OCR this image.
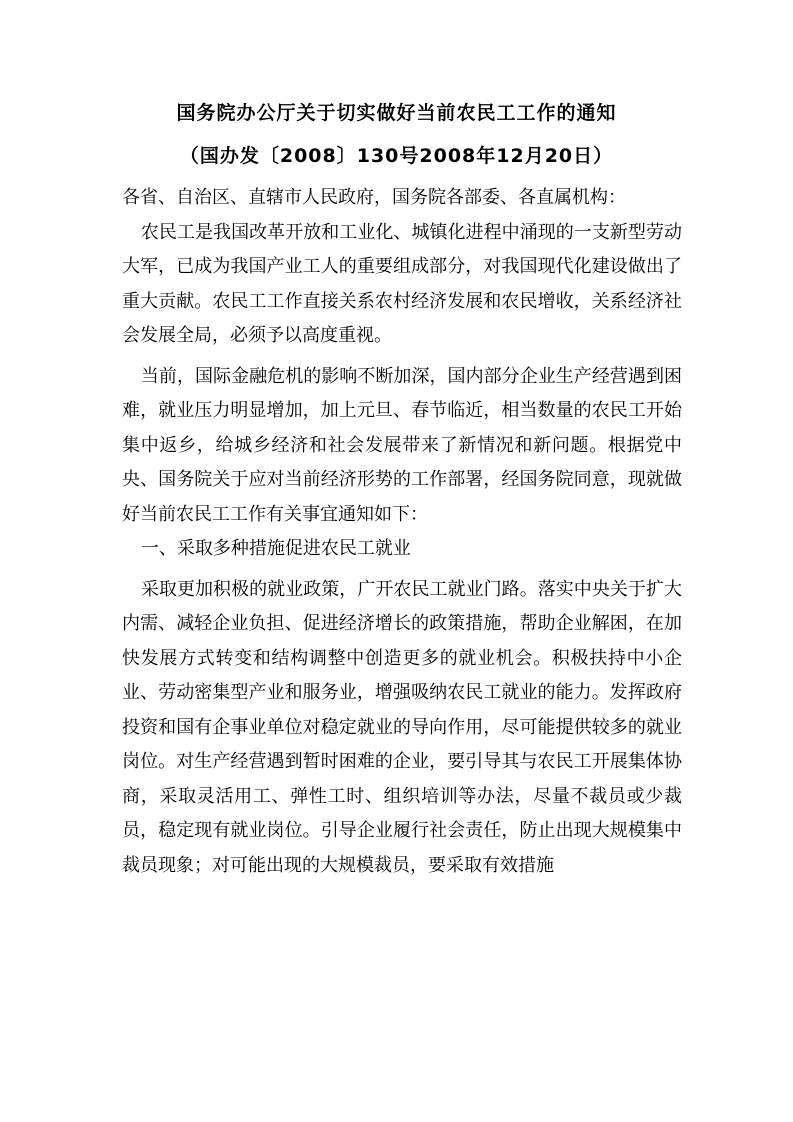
国务院办公厅关于切实做好当前农民工工作的通知
（国办发〔2008〕130号2008年12月20日）

各省、自治区、直辖市人民政府，国务院各部委、各直属机构：

农民工是我国改革开放和工业化、城镇化进程中涌现的一支新型劳动大军，已成为我国产业工人的重要组成部分，对我国现代化建设做出了重大贡献。农民工工作直接关系农村经济发展和农民增收，关系经济社会发展全局，必须予以高度重视。

当前，国际金融危机的影响不断加深，国内部分企业生产经营遇到困难，就业压力明显增加，加上元旦、春节临近，相当数量的农民工开始集中返乡，给城乡经济和社会发展带来了新情况和新问题。根据党中央、国务院关于应对当前经济形势的工作部署，经国务院同意，现就做好当前农民工工作有关事宜通知如下：

一、采取多种措施促进农民工就业

采取更加积极的就业政策，广开农民工就业门路。落实中央关于扩大内需、减轻企业负担、促进经济增长的政策措施，帮助企业解困，在加快发展方式转变和结构调整中创造更多的就业机会。积极扶持中小企业、劳动密集型产业和服务业，增强吸纳农民工就业的能力。发挥政府投资和国有企事业单位对稳定就业的导向作用，尽可能提供较多的就业岗位。对生产经营遇到暂时困难的企业，要引导其与农民工开展集体协商，采取灵活用工、弹性工时、组织培训等办法，尽量不裁员或少裁员，稳定现有就业岗位。引导企业履行社会责任，防止出现大规模集中裁员现象；对可能出现的大规模裁员，要采取有效措施
